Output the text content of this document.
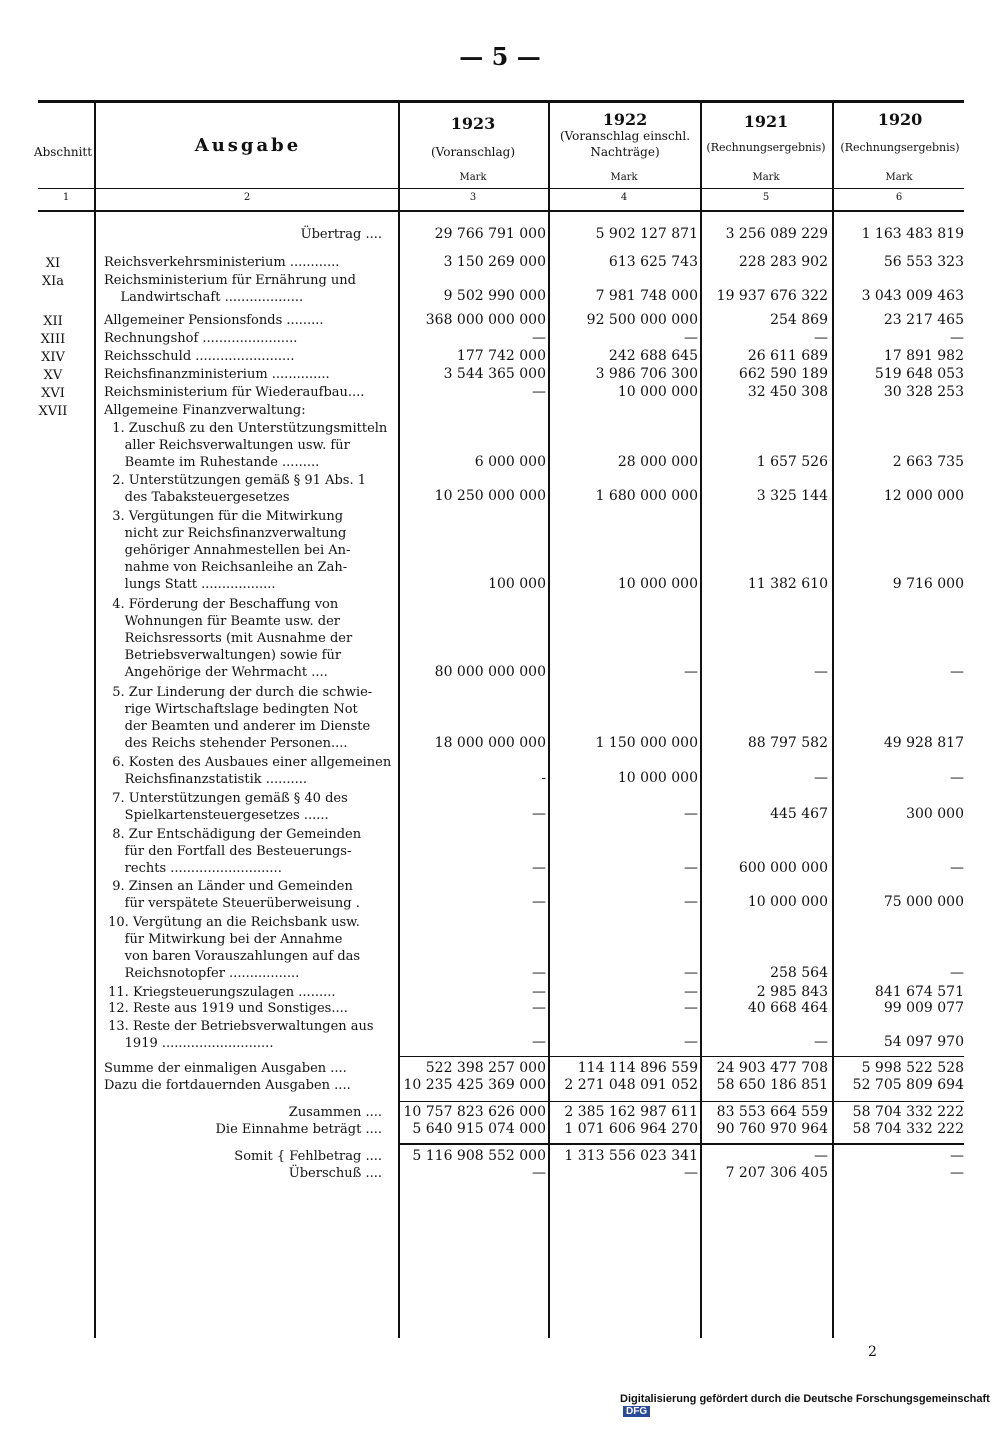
— 5 —
Abschnitt	Ausgabe
1923
(Voranschlag)
1922
(Voranschlag einschl. Nachträge)
1921
(Rechnungsergebnis)
1920
(Rechnungsergebnis)
Mark	Mark	Mark	Mark
1	2	3	4	5	6
Übertrag ....	29 766 791 000	5 902 127 871	3 256 089 229	1 163 483 819
XI	Reichsverkehrsministerium ............	3 150 269 000	613 625 743	228 283 902	56 553 323
XIa	Reichsministerium für Ernährung und
Landwirtschaft ...................	9 502 990 000	7 981 748 000	19 937 676 322	3 043 009 463
XII	Allgemeiner Pensionsfonds .........	368 000 000 000	92 500 000 000	254 869	23 217 465
XIII	Rechnungshof .......................	—	—	—	—
XIV	Reichsschuld ........................	177 742 000	242 688 645	26 611 689	17 891 982
XV	Reichsfinanzministerium ..............	3 544 365 000	3 986 706 300	662 590 189	519 648 053
XVI	Reichsministerium für Wiederaufbau....	—	10 000 000	32 450 308	30 328 253
XVII	Allgemeine Finanzverwaltung:
1. Zuschuß zu den Unterstützungsmitteln
aller Reichsverwaltungen usw. für
Beamte im Ruhestande .........	6 000 000	28 000 000	1 657 526	2 663 735
2. Unterstützungen gemäß § 91 Abs. 1
des Tabaksteuergesetzes	10 250 000 000	1 680 000 000	3 325 144	12 000 000
3. Vergütungen für die Mitwirkung
nicht zur Reichsfinanzverwaltung
gehöriger Annahmestellen bei An-
nahme von Reichsanleihe an Zah-
lungs Statt ..................	100 000	10 000 000	11 382 610	9 716 000
4. Förderung der Beschaffung von
Wohnungen für Beamte usw. der
Reichsressorts (mit Ausnahme der
Betriebsverwaltungen) sowie für
Angehörige der Wehrmacht ....	80 000 000 000	—	—	—
5. Zur Linderung der durch die schwie-
rige Wirtschaftslage bedingten Not
der Beamten und anderer im Dienste
des Reichs stehender Personen....	18 000 000 000	1 150 000 000	88 797 582	49 928 817
6. Kosten des Ausbaues einer allgemeinen
Reichsfinanzstatistik ..........	-	10 000 000	—	—
7. Unterstützungen gemäß § 40 des
Spielkartensteuergesetzes ......	—	—	445 467	300 000
8. Zur Entschädigung der Gemeinden
für den Fortfall des Besteuerungs-
rechts ...........................	—	—	600 000 000	—
9. Zinsen an Länder und Gemeinden
für verspätete Steuerüberweisung .	—	—	10 000 000	75 000 000
10. Vergütung an die Reichsbank usw.
für Mitwirkung bei der Annahme
von baren Vorauszahlungen auf das
Reichsnotopfer .................	—	—	258 564	—
11. Kriegsteuerungszulagen .........	—	—	2 985 843	841 674 571
12. Reste aus 1919 und Sonstiges....	—	—	40 668 464	99 009 077
13. Reste der Betriebsverwaltungen aus
1919 ...........................	—	—	—	54 097 970
Summe der einmaligen Ausgaben ....	522 398 257 000	114 114 896 559	24 903 477 708	5 998 522 528
Dazu die fortdauernden Ausgaben ....	10 235 425 369 000	2 271 048 091 052	58 650 186 851	52 705 809 694
Zusammen .... 10 757 823 626 000	2 385 162 987 611	83 553 664 559	58 704 332 222
Die Einnahme beträgt ....	5 640 915 074 000	1 071 606 964 270	90 760 970 964	58 704 332 222
Somit { Fehlbetrag ....	5 116 908 552 000	1 313 556 023 341	—	—
Überschuß ....	—	—	7 207 306 405	—
2
Digitalisierung gefördert durch die Deutsche Forschungsgemeinschaft DFG
